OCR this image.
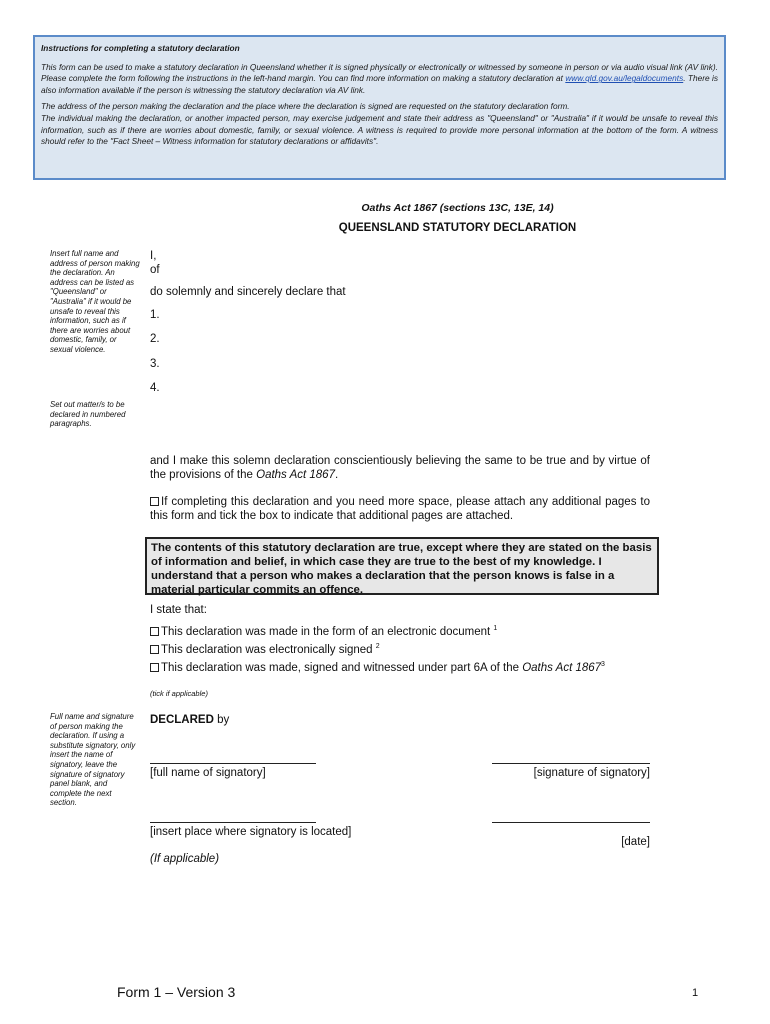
Instructions for completing a statutory declaration

This form can be used to make a statutory declaration in Queensland whether it is signed physically or electronically or witnessed by someone in person or via audio visual link (AV link). Please complete the form following the instructions in the left-hand margin. You can find more information on making a statutory declaration at www.qld.gov.au/legaldocuments. There is also information available if the person is witnessing the statutory declaration via AV link.

The address of the person making the declaration and the place where the declaration is signed are requested on the statutory declaration form.

The individual making the declaration, or another impacted person, may exercise judgement and state their address as "Queensland" or "Australia" if it would be unsafe to reveal this information, such as if there are worries about domestic, family, or sexual violence. A witness is required to provide more personal information at the bottom of the form. A witness should refer to the "Fact Sheet – Witness information for statutory declarations or affidavits".

Oaths Act 1867 (sections 13C, 13E, 14)
QUEENSLAND STATUTORY DECLARATION
Insert full name and address of person making the declaration. An address can be listed as "Queensland" or "Australia" if it would be unsafe to reveal this information, such as if there are worries about domestic, family, or sexual violence.
Set out matter/s to be declared in numbered paragraphs.
Full name and signature of person making the declaration. If using a substitute signatory, only insert the name of signatory, leave the signature of signatory panel blank, and complete the next section.
I,
of
do solemnly and sincerely declare that
1.
2.
3.
4.
and I make this solemn declaration conscientiously believing the same to be true and by virtue of the provisions of the Oaths Act 1867.
If completing this declaration and you need more space, please attach any additional pages to this form and tick the box to indicate that additional pages are attached.
The contents of this statutory declaration are true, except where they are stated on the basis of information and belief, in which case they are true to the best of my knowledge. I understand that a person who makes a declaration that the person knows is false in a material particular commits an offence.
I state that:
This declaration was made in the form of an electronic document $^1$
This declaration was electronically signed $^2$
This declaration was made, signed and witnessed under part 6A of the Oaths Act 1867$^3$
(tick if applicable)
DECLARED by
[full name of signatory]	[signature of signatory]
[insert place where signatory is located]
[date]
(If applicable)
Form 1 – Version 3	1
